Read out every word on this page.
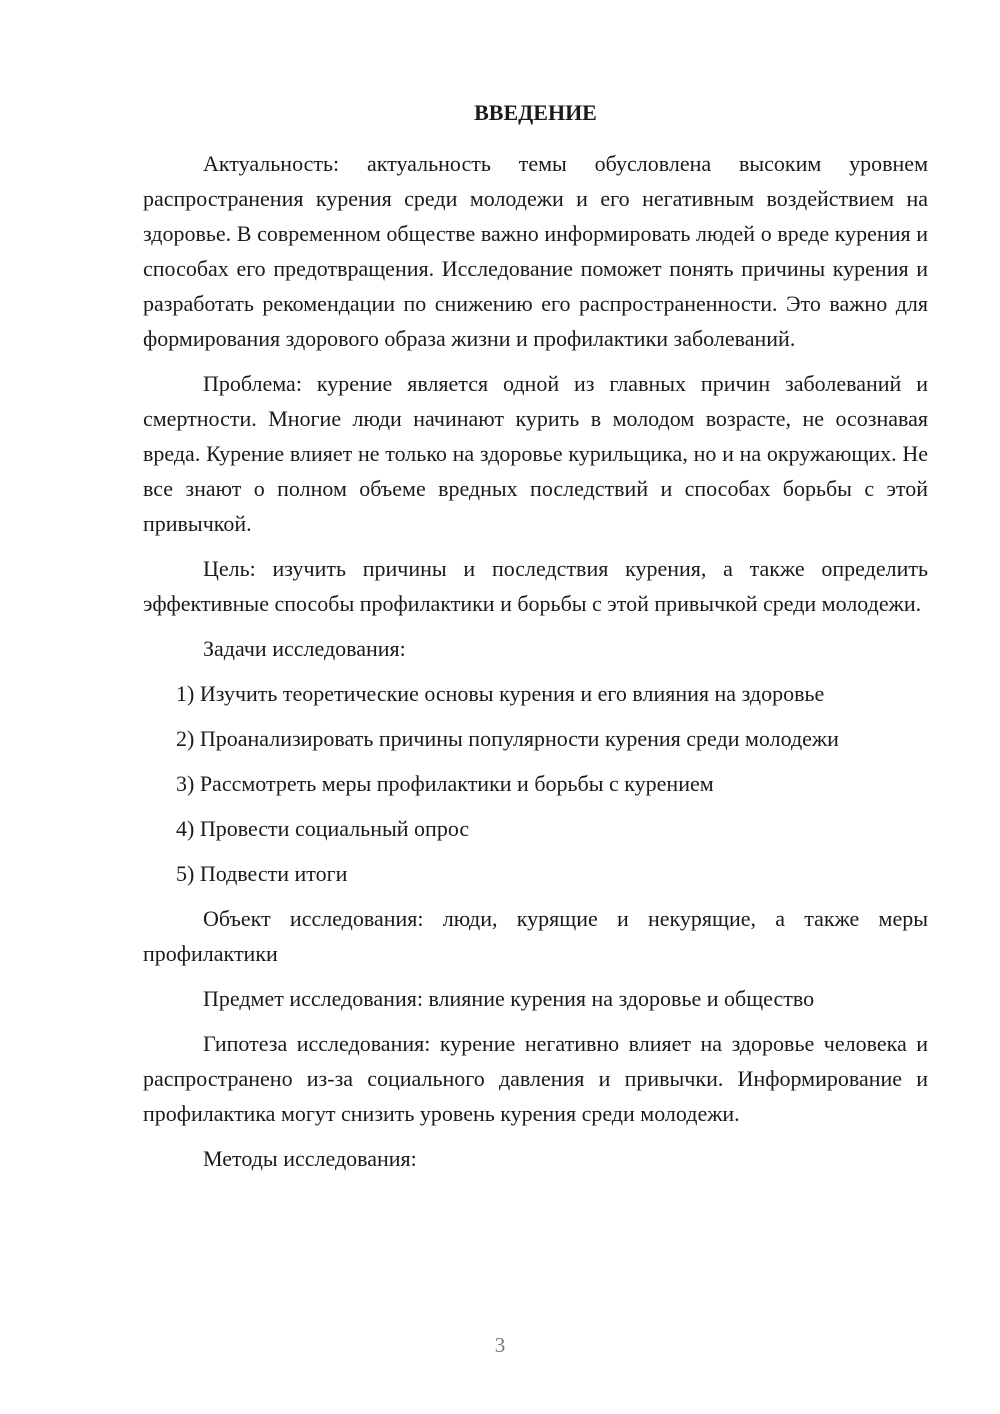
ВВЕДЕНИЕ

Актуальность: актуальность темы обусловлена высоким уровнем распространения курения среди молодежи и его негативным воздействием на здоровье. В современном обществе важно информировать людей о вреде курения и способах его предотвращения. Исследование поможет понять причины курения и разработать рекомендации по снижению его распространенности. Это важно для формирования здорового образа жизни и профилактики заболеваний.

Проблема: курение является одной из главных причин заболеваний и смертности. Многие люди начинают курить в молодом возрасте, не осознавая вреда. Курение влияет не только на здоровье курильщика, но и на окружающих. Не все знают о полном объеме вредных последствий и способах борьбы с этой привычкой.

Цель: изучить причины и последствия курения, а также определить эффективные способы профилактики и борьбы с этой привычкой среди молодежи.

Задачи исследования:

1) Изучить теоретические основы курения и его влияния на здоровье
2) Проанализировать причины популярности курения среди молодежи
3) Рассмотреть меры профилактики и борьбы с курением
4) Провести социальный опрос
5) Подвести итоги

Объект исследования: люди, курящие и некурящие, а также меры профилактики

Предмет исследования: влияние курения на здоровье и общество

Гипотеза исследования: курение негативно влияет на здоровье человека и распространено из-за социального давления и привычки. Информирование и профилактика могут снизить уровень курения среди молодежи.

Методы исследования:

3
